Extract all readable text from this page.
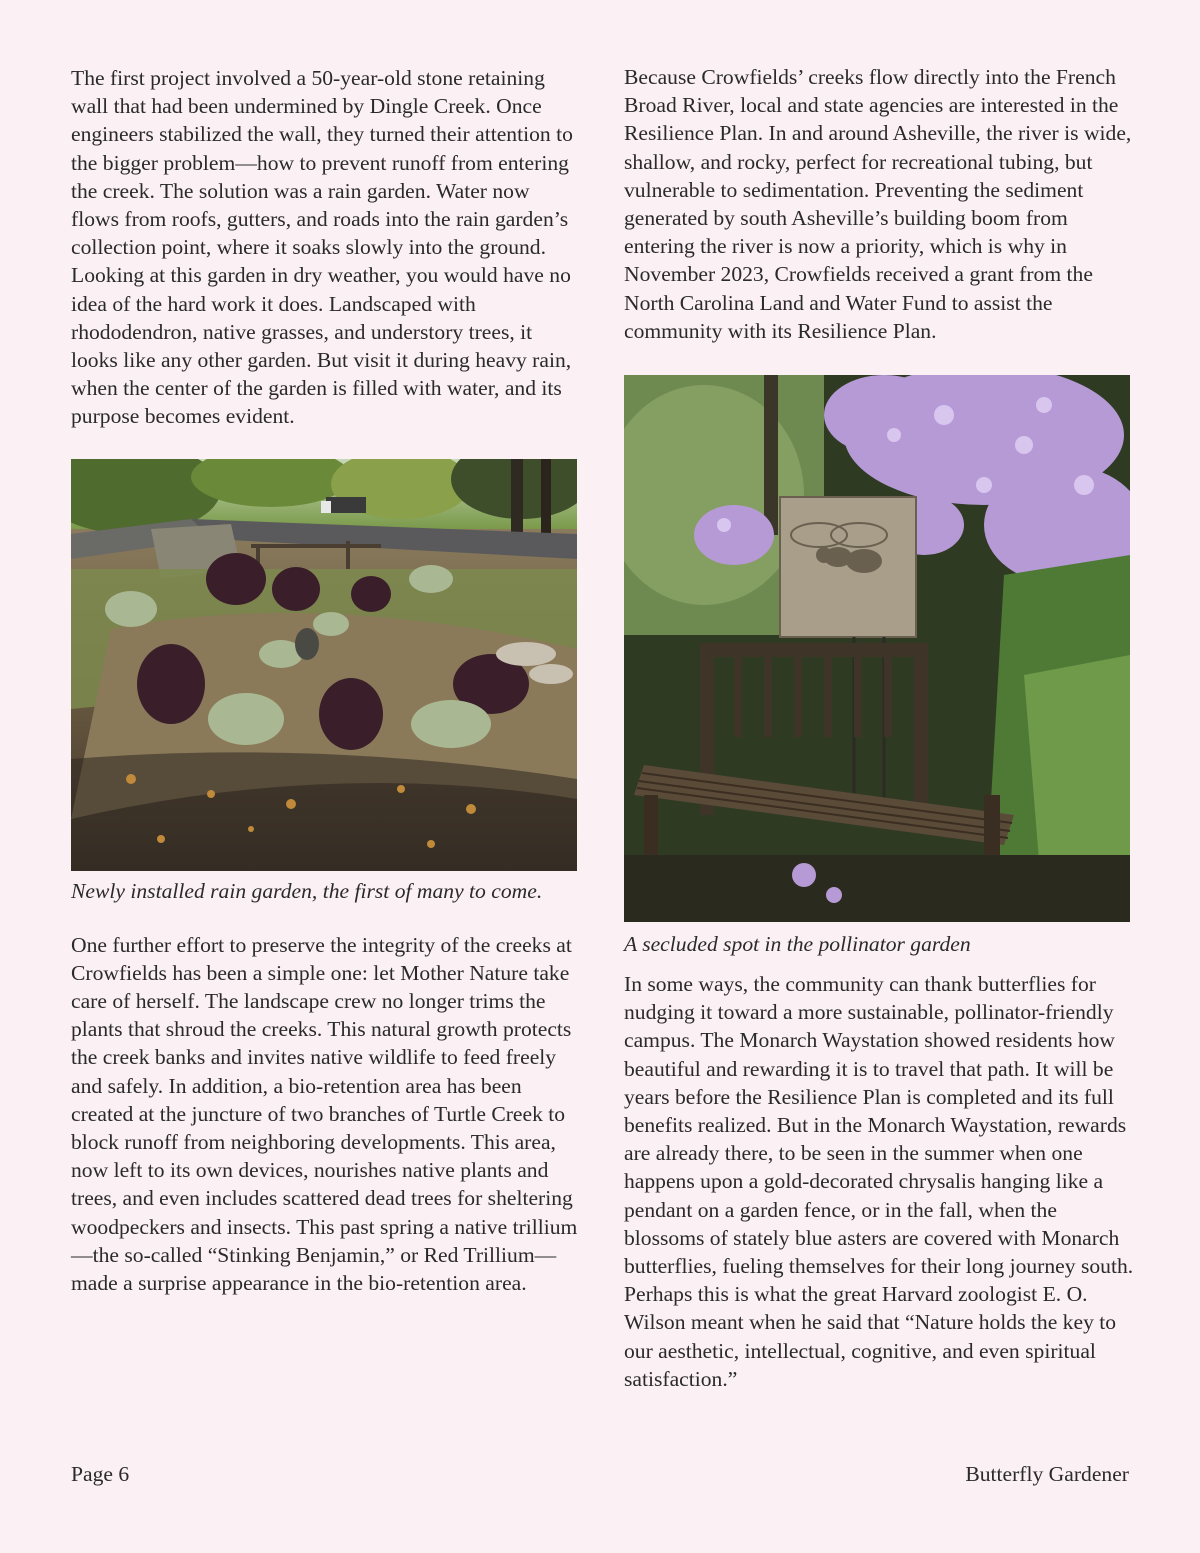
The first project involved a 50-year-old stone retaining wall that had been undermined by Dingle Creek. Once engineers stabilized the wall, they turned their attention to the bigger problem—how to prevent runoff from entering the creek. The solution was a rain garden. Water now flows from roofs, gutters, and roads into the rain garden’s collection point, where it soaks slowly into the ground. Looking at this garden in dry weather, you would have no idea of the hard work it does. Landscaped with rhododendron, native grasses, and understory trees, it looks like any other garden. But visit it during heavy rain, when the center of the garden is filled with water, and its purpose becomes evident.

Newly installed rain garden, the first of many to come.

One further effort to preserve the integrity of the creeks at Crowfields has been a simple one: let Mother Nature take care of herself. The landscape crew no longer trims the plants that shroud the creeks. This natural growth protects the creek banks and invites native wildlife to feed freely and safely. In addition, a bio-retention area has been created at the juncture of two branches of Turtle Creek to block runoff from neighboring developments. This area, now left to its own devices, nourishes native plants and trees, and even includes scattered dead trees for sheltering woodpeckers and insects. This past spring a native trillium—the so-called “Stinking Benjamin,” or Red Trillium—made a surprise appearance in the bio-retention area.

Because Crowfields’ creeks flow directly into the French Broad River, local and state agencies are interested in the Resilience Plan. In and around Asheville, the river is wide, shallow, and rocky, perfect for recreational tubing, but vulnerable to sedimentation. Preventing the sediment generated by south Asheville’s building boom from entering the river is now a priority, which is why in November 2023, Crowfields received a grant from the North Carolina Land and Water Fund to assist the community with its Resilience Plan.

A secluded spot in the pollinator garden

In some ways, the community can thank butterflies for nudging it toward a more sustainable, pollinator-friendly campus. The Monarch Waystation showed residents how beautiful and rewarding it is to travel that path. It will be years before the Resilience Plan is completed and its full benefits realized. But in the Monarch Waystation, rewards are already there, to be seen in the summer when one happens upon a gold-decorated chrysalis hanging like a pendant on a garden fence, or in the fall, when the blossoms of stately blue asters are covered with Monarch butterflies, fueling themselves for their long journey south. Perhaps this is what the great Harvard zoologist E. O. Wilson meant when he said that “Nature holds the key to our aesthetic, intellectual, cognitive, and even spiritual satisfaction.”

Page 6	Butterfly Gardener
